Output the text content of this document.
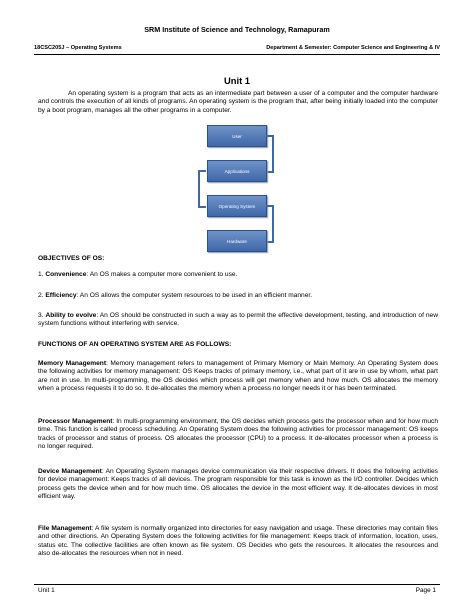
SRM Institute of Science and Technology, Ramapuram
18CSC205J – Operating Systems	Department & Semester: Computer Science and Engineering & IV
Unit 1

An operating system is a program that acts as an intermediate part between a user of a computer and the computer hardware and controls the execution of all kinds of programs. An operating system is the program that, after being initially loaded into the computer by a boot program, manages all the other programs in a computer.

User
Applications
Operating System
Hardware
OBJECTIVES OF OS:

1. Convenience: An OS makes a computer more convenient to use.

2. Efficiency: An OS allows the computer system resources to be used in an efficient manner.

3. Ability to evolve: An OS should be constructed in such a way as to permit the effective development, testing, and introduction of new system functions without interfering with service.

FUNCTIONS OF AN OPERATING SYSTEM ARE AS FOLLOWS:

Memory Management: Memory management refers to management of Primary Memory or Main Memory. An Operating System does the following activities for memory management: OS Keeps tracks of primary memory, i.e., what part of it are in use by whom, what part are not in use. In multi-programming, the OS decides which process will get memory when and how much. OS allocates the memory when a process requests it to do so. It de-allocates the memory when a process no longer needs it or has been terminated.

Processor Management: In multi-programming environment, the OS decides which process gets the processor when and for how much time. This function is called process scheduling. An Operating System does the following activities for processor management: OS keeps tracks of processor and status of process. OS allocates the processor (CPU) to a process. It de-allocates processor when a process is no longer required.

Device Management: An Operating System manages device communication via their respective drivers. It does the following activities for device management: Keeps tracks of all devices. The program responsible for this task is known as the I/O controller. Decides which process gets the device when and for how much time. OS allocates the device in the most efficient way. It de-allocates devices in most efficient way.

File Management: A file system is normally organized into directories for easy navigation and usage. These directories may contain files and other directions. An Operating System does the following activities for file management: Keeps track of information, location, uses, status etc. The collective facilities are often known as file system. OS Decides who gets the resources. It allocates the resources and also de-allocates the resources when not in need.

Unit 1	Page 1
